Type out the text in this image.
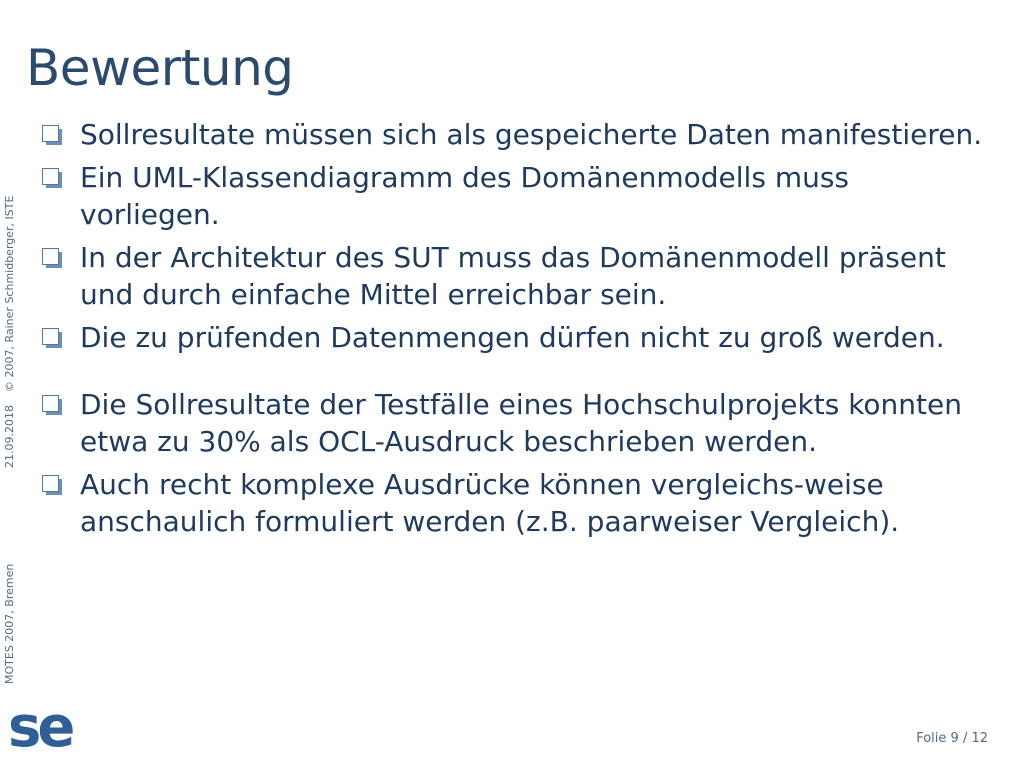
Bewertung
MOTES 2007, Bremen
21.09.2018
© 2007, Rainer Schmidberger, ISTE
Sollresultate müssen sich als gespeicherte Daten manifestieren.
Ein UML-Klassendiagramm des Domänenmodells muss vorliegen.
In der Architektur des SUT muss das Domänenmodell präsent und durch einfache Mittel erreichbar sein.
Die zu prüfenden Datenmengen dürfen nicht zu groß werden.
Die Sollresultate der Testfälle eines Hochschulprojekts konnten etwa zu 30% als OCL-Ausdruck beschrieben werden.
Auch recht komplexe Ausdrücke können vergleichs-weise anschaulich formuliert werden (z.B. paarweiser Vergleich).
se	Folie 9 / 12
